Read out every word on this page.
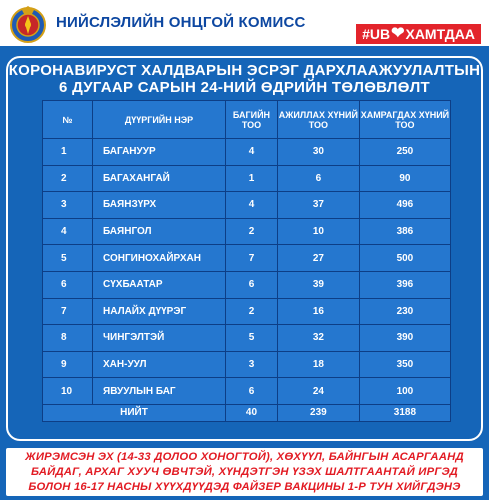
НИЙСЛЭЛИЙН ОНЦГОЙ КОМИСС
#UB ❤ ХАМТДАА
КОРОНАВИРУСТ ХАЛДВАРЫН ЭСРЭГ ДАРХЛААЖУУЛАЛТЫН
6 ДУГААР САРЫН 24-НИЙ ӨДРИЙН ТӨЛӨВЛӨЛТ
№	ДҮҮРГИЙН НЭР	БАГИЙН ТОО	АЖИЛЛАХ ХҮНИЙ ТОО	ХАМРАГДАХ ХҮНИЙ ТОО
1	БАГАНУУР	4	30	250
2	БАГАХАНГАЙ	1	6	90
3	БАЯНЗҮРХ	4	37	496
4	БАЯНГОЛ	2	10	386
5	СОНГИНОХАЙРХАН	7	27	500
6	СҮХБААТАР	6	39	396
7	НАЛАЙХ ДҮҮРЭГ	2	16	230
8	ЧИНГЭЛТЭЙ	5	32	390
9	ХАН-УУЛ	3	18	350
10	ЯВУУЛЫН БАГ	6	24	100
НИЙТ		40	239	3188
ЖИРЭМСЭН ЭХ (14-33 ДОЛОО ХОНОГТОЙ), ХӨХҮҮЛ, БАЙНГЫН АСАРГААНД
БАЙДАГ, АРХАГ ХУУЧ ӨВЧТЭЙ, ХҮНДЭТГЭН ҮЗЭХ ШАЛТГААНТАЙ ИРГЭД
БОЛОН 16-17 НАСНЫ ХҮҮХДҮҮДЭД ФАЙЗЕР ВАКЦИНЫ 1-Р ТУН ХИЙГДЭНЭ
